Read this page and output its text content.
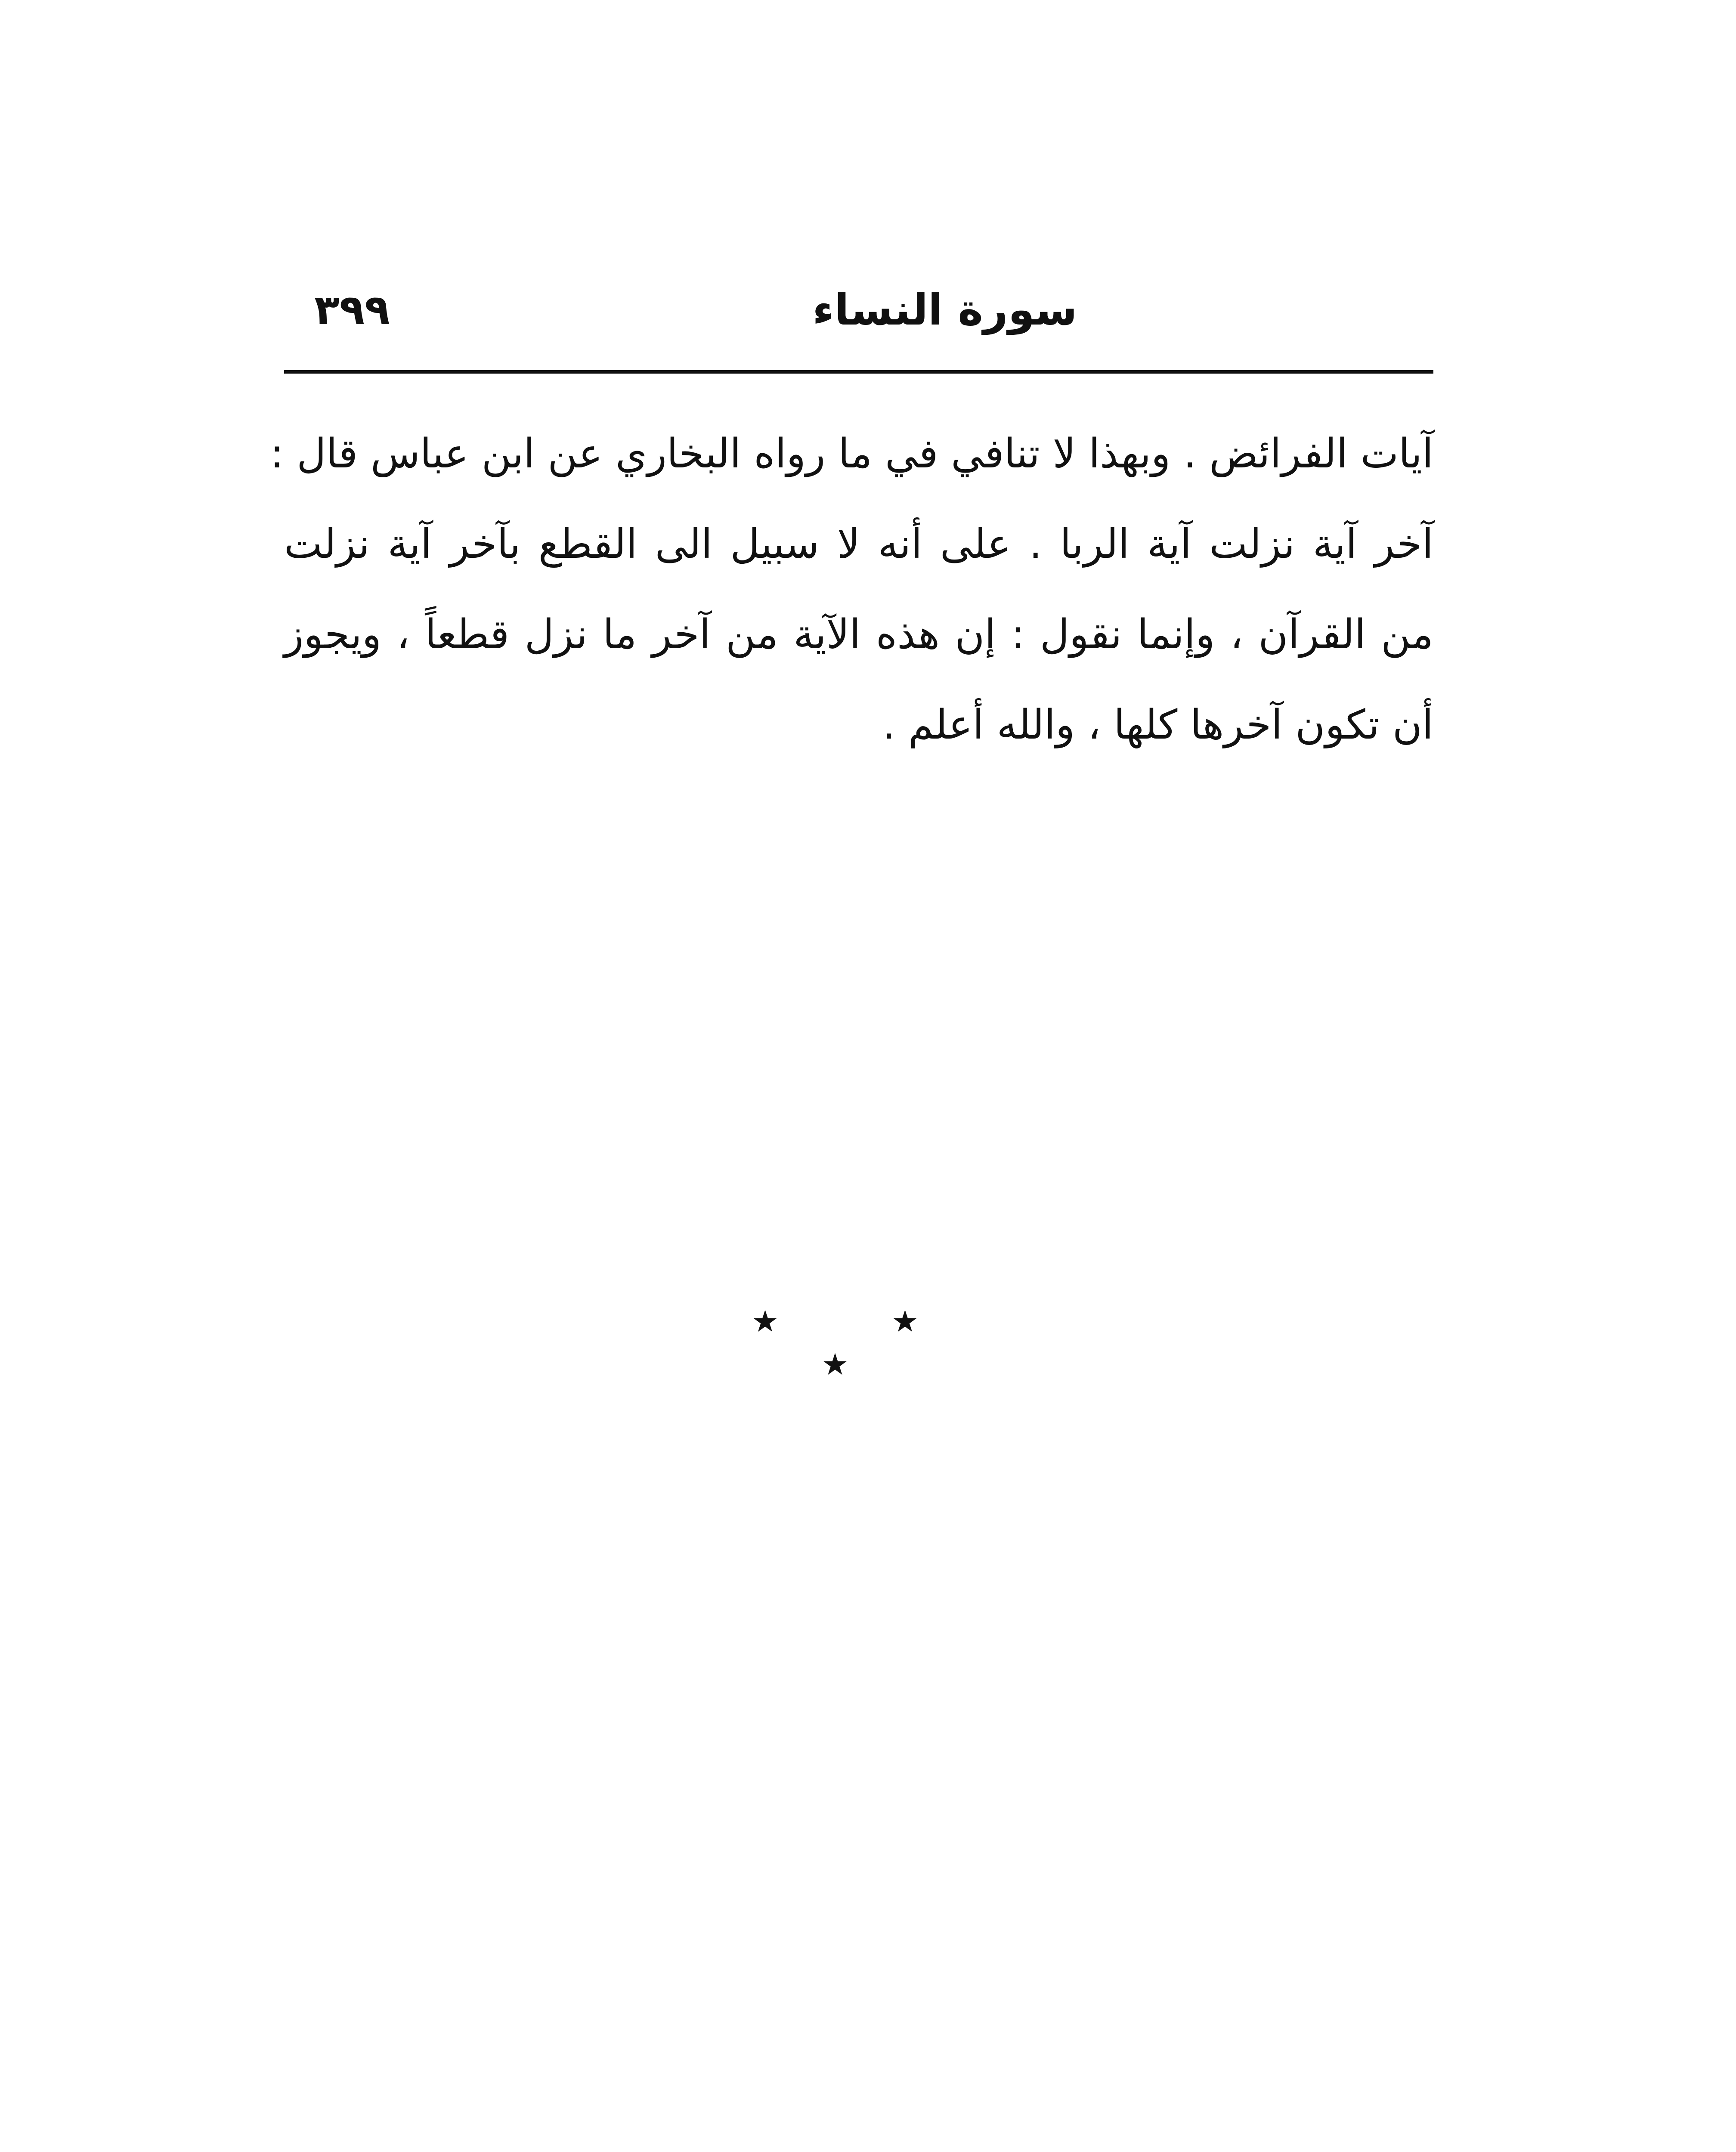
٣٩٩	سورة النساء
آيات الفرائض . وبهذا لا تنافي في ما رواه البخاري عن ابن عباس قال :
آخر آية نزلت آية الربا . على أنه لا سبيل الى القطع بآخر آية نزلت
من القرآن ، وإنما نقول : إن هذه الآية من آخر ما نزل قطعاً ، ويجوز
أن تكون آخرها كلها ، والله أعلم .
★ ★ ★
